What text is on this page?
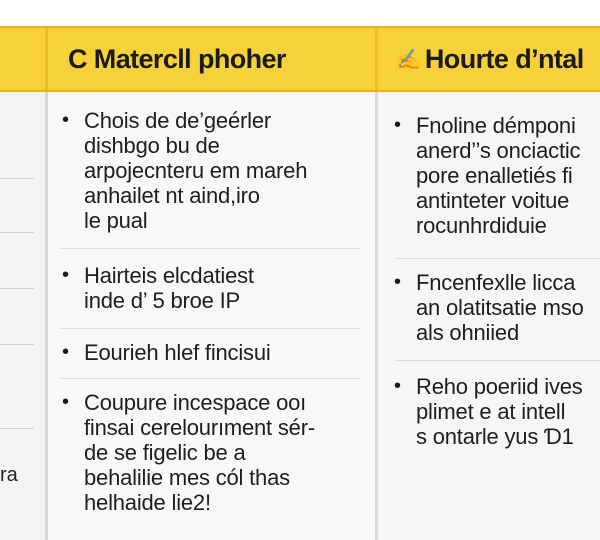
C Matercll phoher	✍ Hourte d’ntal
ra
• Chois de de’geérler
dishbgo bu de
arpojecnteru em mareh
anhailet nt aind,iro
le pual
• Hairteis elcdatiest
inde d’ 5 broe IP
• Eourieh hlef fincisui
• Coupure incespace ooı
finsai cerelourıment sér-
de se figelic be a
behalilie mes cól thas
helhaide lie2!
• Fnoline démponi
anerd’’s onciactic
pore enalletiés fi
antinteter voitue
rocunhrdiduie
• Fncenfexlle licca
an olatitsatie mso
als ohniied
• Reho poeriid ives
plimet e at intell
s ontarle yus Ɗ1
